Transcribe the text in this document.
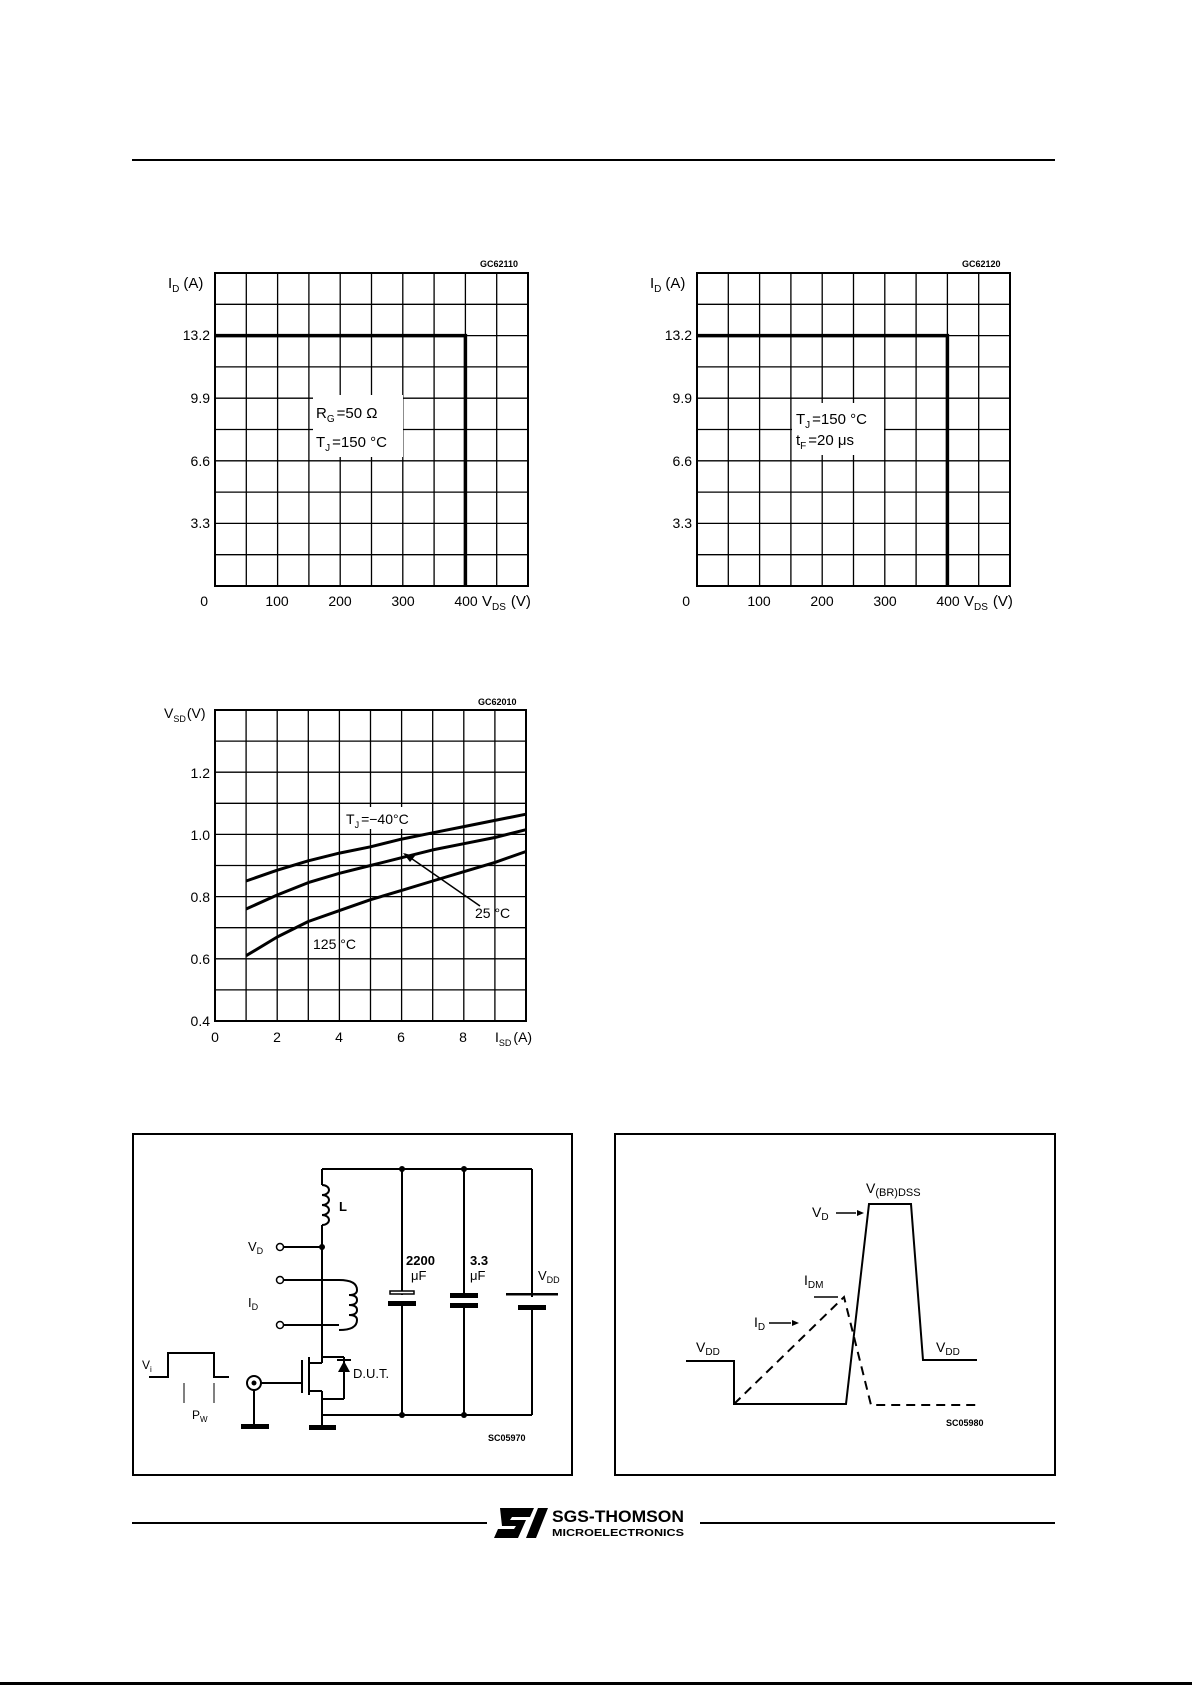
GC62110
$I_D$ (A)
0
3.3
6.6
9.9
13.2
100	200	300	400 $V_{DS}$ (V)
$R_G =50$ Ω
$T_J =150$ °C
GC62120
$I_D$ (A)
0
3.3
6.6
9.9
13.2
100	200	300	400 $V_{DS}$ (V)
$T_J =150$ °C
$t_F =20$ μs
GC62010
$V_{SD}(V)$
0.4
0.6
0.8
1.0
1.2
0	2	4	6	8 $I_{SD}$ (A)
$T_J =-40^\circ C$
25 °C
125 °C
L
$V_D$
$I_D$
2200
μF
3.3
μF	$V_{DD}$
$V_i$
$P_W$
D.U.T.
SC05970
$V_{(BR)DSS}$
$V_D$
$I_{DM}$
$I_D$
$V_{DD}$	$V_{DD}$
SC05980
SGS-THOMSON
MICROELECTRONICS
